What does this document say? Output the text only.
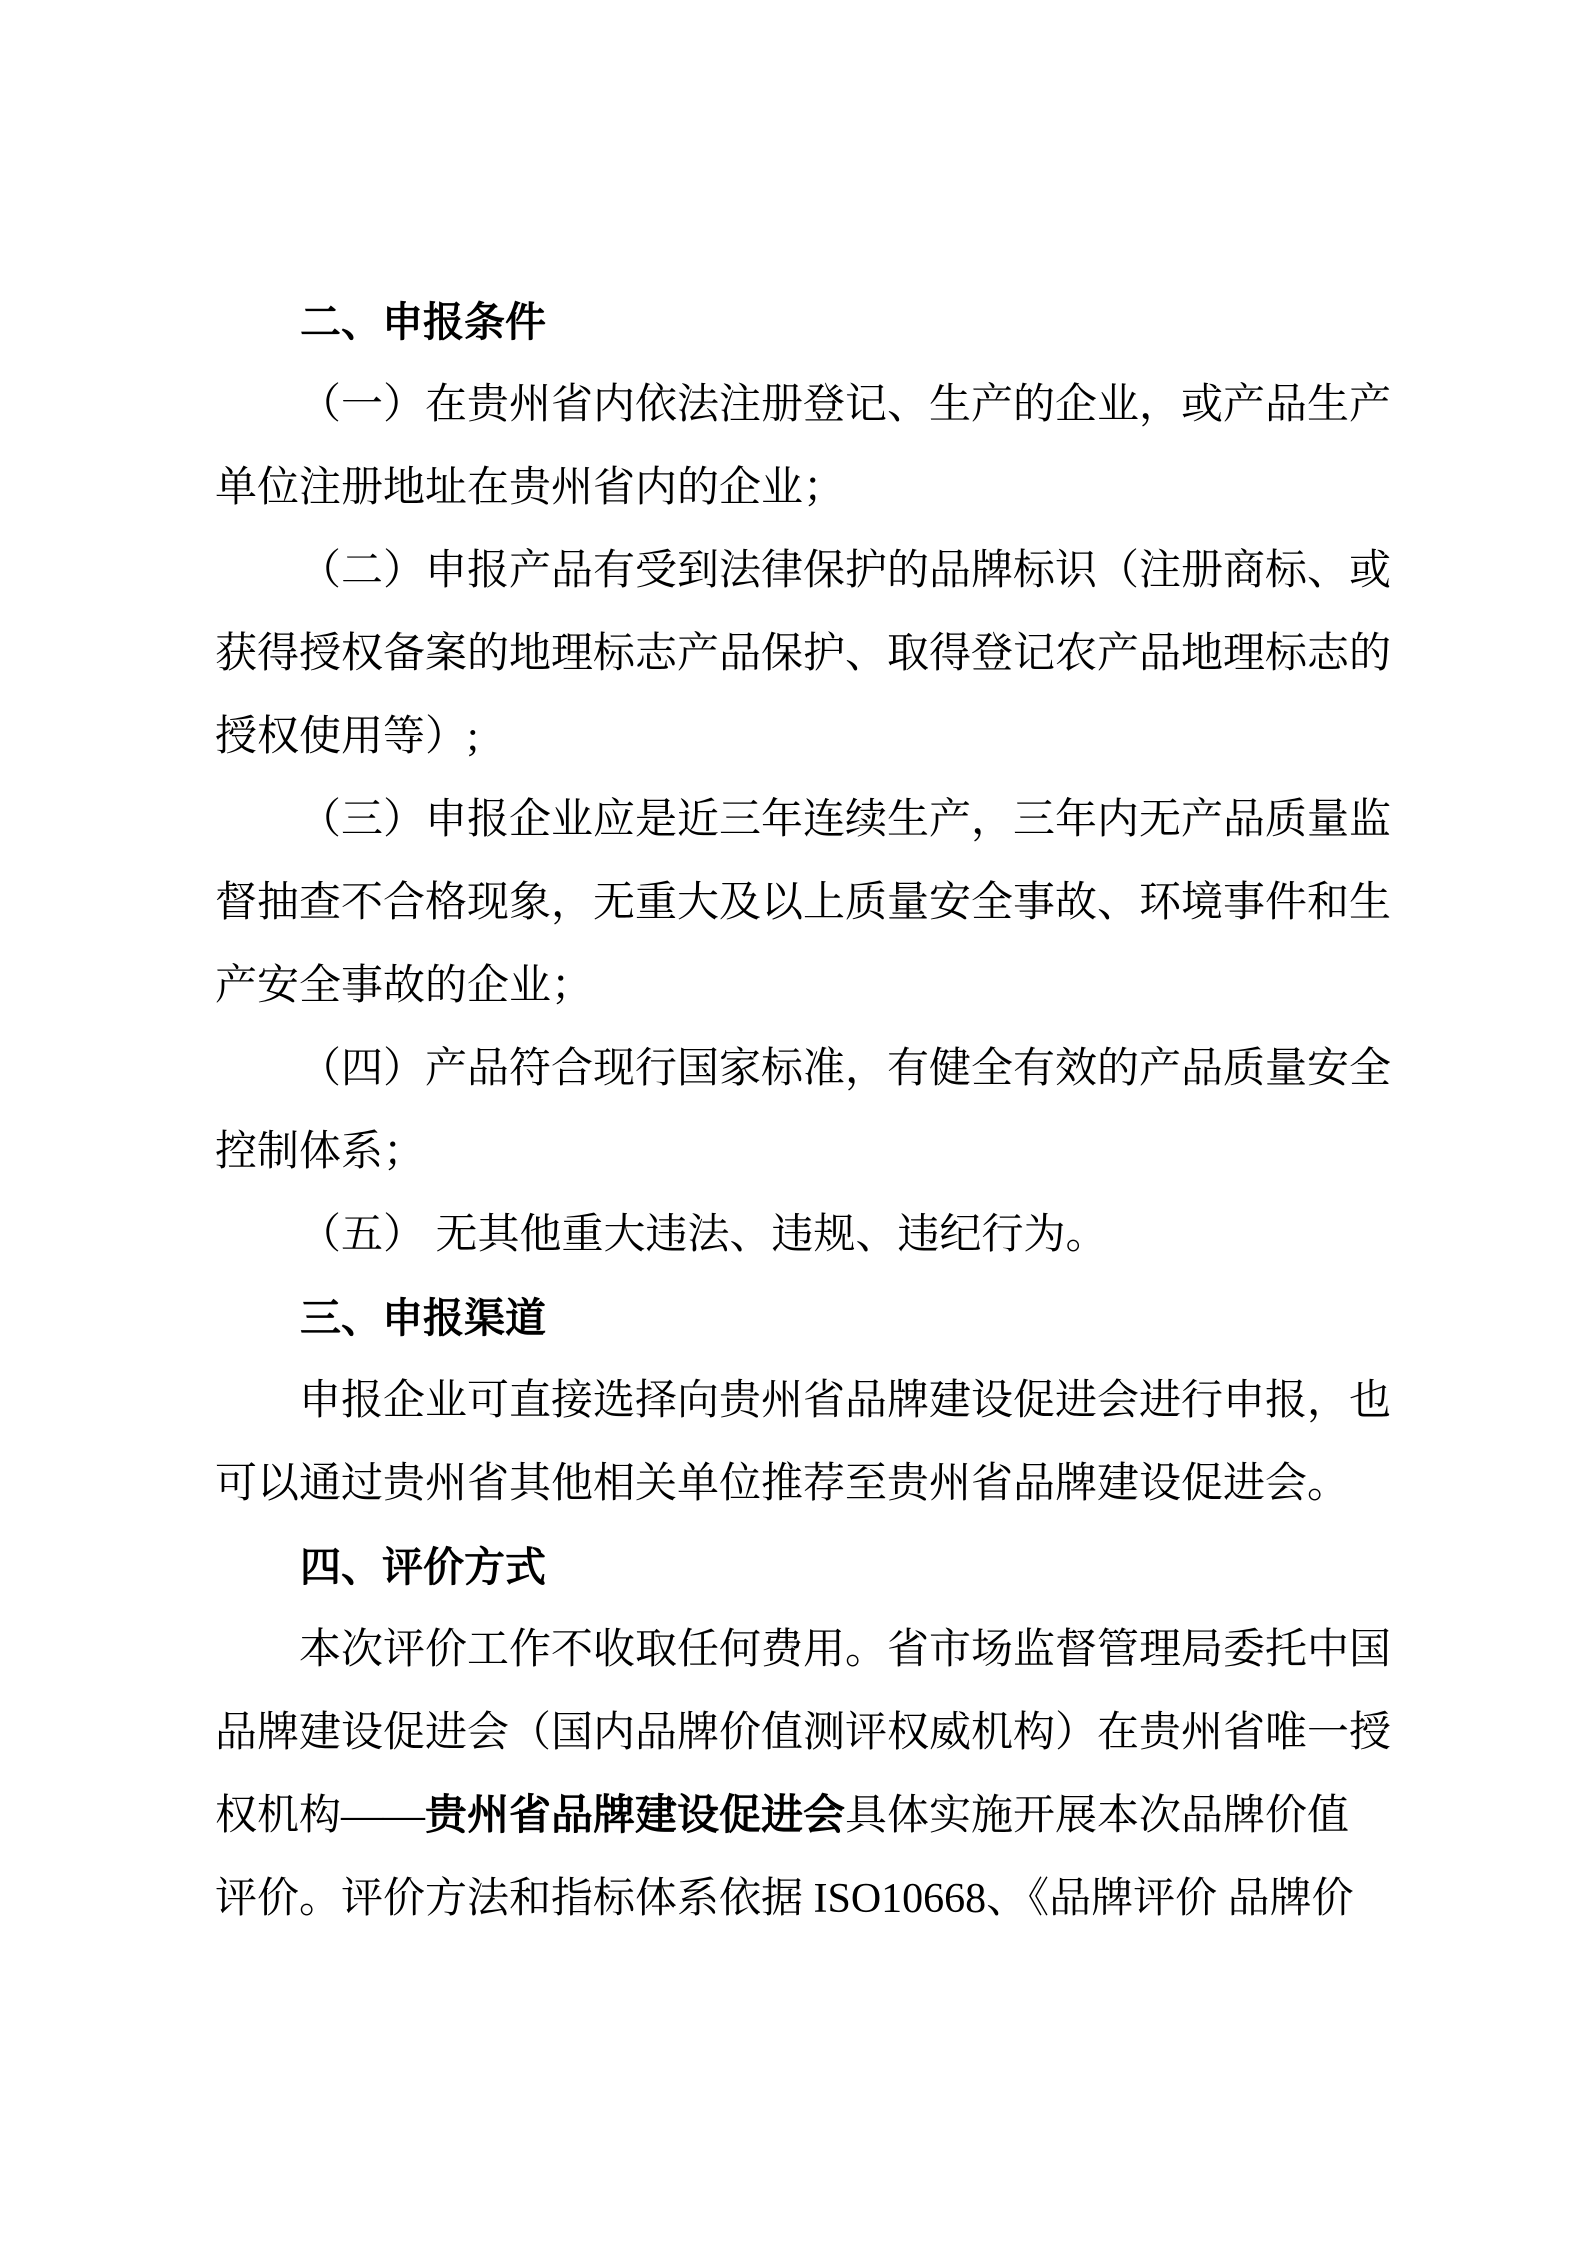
二、申报条件
（一）在贵州省内依法注册登记、生产的企业，或产品生产
单位注册地址在贵州省内的企业；
（二）申报产品有受到法律保护的品牌标识（注册商标、或
获得授权备案的地理标志产品保护、取得登记农产品地理标志的
授权使用等）;
（三）申报企业应是近三年连续生产，三年内无产品质量监
督抽查不合格现象，无重大及以上质量安全事故、环境事件和生
产安全事故的企业；
（四）产品符合现行国家标准，有健全有效的产品质量安全
控制体系；
（五） 无其他重大违法、违规、违纪行为。
三、申报渠道
申报企业可直接选择向贵州省品牌建设促进会进行申报，也
可以通过贵州省其他相关单位推荐至贵州省品牌建设促进会。
四、评价方式
本次评价工作不收取任何费用。省市场监督管理局委托中国
品牌建设促进会（国内品牌价值测评权威机构）在贵州省唯一授
权机构——贵州省品牌建设促进会具体实施开展本次品牌价值
评价。评价方法和指标体系依据 ISO10668、《品牌评价 品牌价
